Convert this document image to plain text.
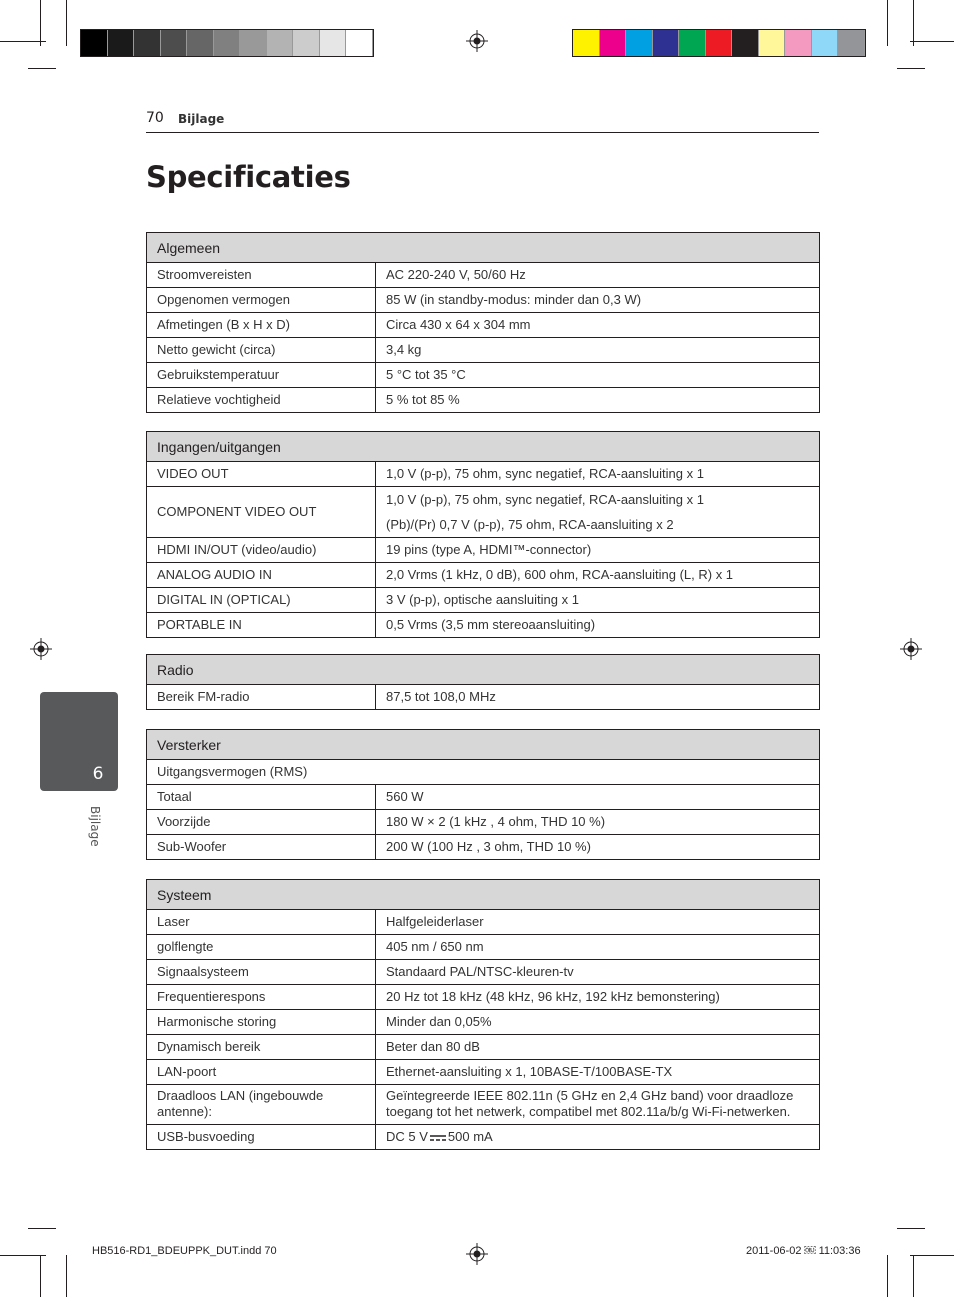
70 Bijlage
Specificaties
Algemeen	
Stroomvereisten	AC 220-240 V, 50/60 Hz
Opgenomen vermogen	85 W (in standby-modus: minder dan 0,3 W)
Afmetingen (B x H x D)	Circa 430 x 64 x 304 mm
Netto gewicht (circa)	3,4 kg
Gebruikstemperatuur	5 °C tot 35 °C
Relatieve vochtigheid	5 % tot 85 %
Ingangen/uitgangen	
VIDEO OUT	1,0 V (p-p), 75 ohm, sync negatief, RCA-aansluiting x 1
COMPONENT VIDEO OUT	1,0 V (p-p), 75 ohm, sync negatief, RCA-aansluiting x 1
(Pb)/(Pr) 0,7 V (p-p), 75 ohm, RCA-aansluiting x 2

HDMI IN/OUT (video/audio)	19 pins (type A, HDMI™-connector)
ANALOG AUDIO IN	2,0 Vrms (1 kHz, 0 dB), 600 ohm, RCA-aansluiting (L, R) x 1
DIGITAL IN (OPTICAL)	3 V (p-p), optische aansluiting x 1
PORTABLE IN	0,5 Vrms (3,5 mm stereoaansluiting)
Radio
Bereik FM-radio	87,5 tot 108,0 MHz
Versterker	
Uitgangsvermogen (RMS)	
Totaal	560 W
Voorzijde	180 W × 2 (1 kHz , 4 ohm, THD 10 %)
Sub-Woofer	200 W (100 Hz , 3 ohm, THD 10 %)
Systeem	
Laser	Halfgeleiderlaser
golflengte	405 nm / 650 nm
Signaalsysteem	Standaard PAL/NTSC-kleuren-tv
Frequentierespons	20 Hz tot 18 kHz (48 kHz, 96 kHz, 192 kHz bemonstering)
Harmonische storing	Minder dan 0,05%
Dynamisch bereik	Beter dan 80 dB
LAN-poort	Ethernet-aansluiting x 1, 10BASE-T/100BASE-TX
Draadloos LAN (ingebouwde antenne):	Geïntegreerde IEEE 802.11n (5 GHz en 2,4 GHz band) voor draadloze toegang tot het netwerk, compatibel met 802.11a/b/g Wi-Fi-netwerken.
USB-busvoeding	DC 5 V 500 mA
6
Bijlage
HB516-RD1_BDEUPPK_DUT.indd 70	2011-06-02 ￼ 11:03:36
